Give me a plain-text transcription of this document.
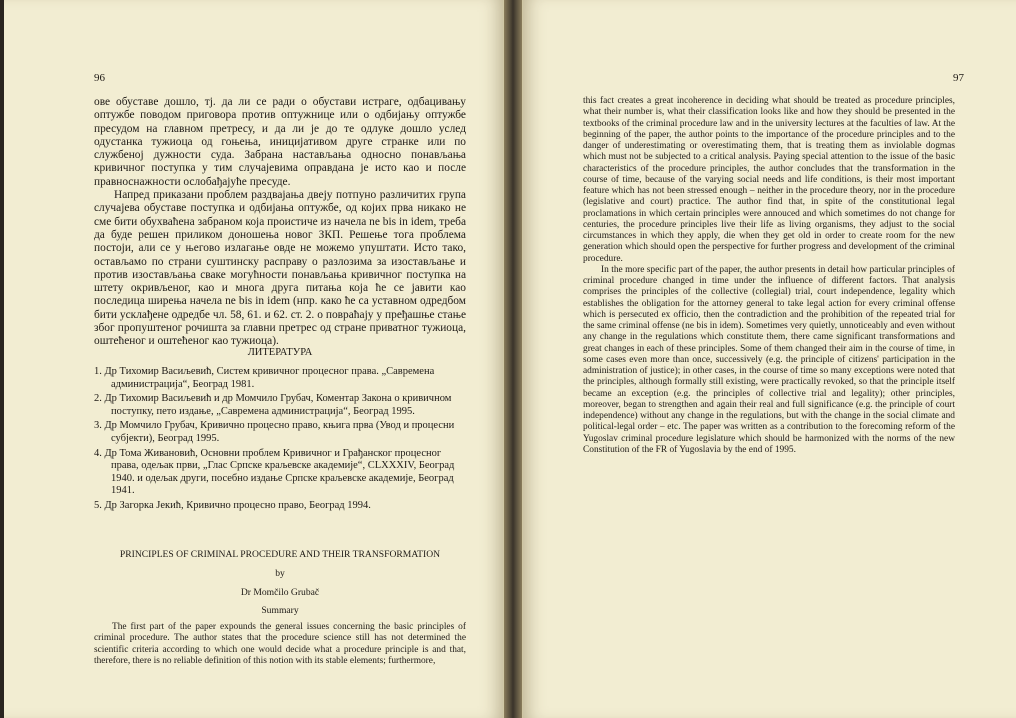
96

ове обуставе дошло, тј. да ли се ради о обустави истраге, одбацивању оптужбе поводом приговора против оптужнице или о одбијању оптужбе пресудом на главном претресу, и да ли је до те одлуке дошло услед одустанка тужиоца од гоњења, иницијативом друге странке или по службеној дужности суда. Забрана настављања односно понављања кривичног поступка у тим случајевима оправдана је исто као и после правноснажности ослобађајуће пресуде.

Напред приказани проблем раздвајања двеју потпуно различитих група случајева обуставе поступка и одбијања оптужбе, од којих прва никако не сме бити обухваћена забраном која проистиче из начела ne bis in idem, треба да буде решен приликом доношења новог ЗКП. Решење тога проблема постоји, али се у његово излагање овде не можемо упуштати. Исто тако, остављамо по страни суштинску расправу о разлозима за изостављање и против изостављања сваке могућности понављања кривичног поступка на штету окривљеног, као и многа друга питања која ће се јавити као последица ширења начела ne bis in idem (нпр. како ће са уставном одредбом бити усклађене одредбе чл. 58, 61. и 62. ст. 2. о повраћају у пређашње стање због пропуштеног рочишта за главни претрес од стране приватног тужиоца, оштећеног и оштећеног као тужиоца).

ЛИТЕРАТУРА

1. Др Тихомир Васиљевић, Систем кривичног процесног права. „Савремена администрација“, Београд 1981.

2. Др Тихомир Васиљевић и др Момчило Грубач, Коментар Закона о кривичном поступку, пето издање, „Савремена администрација“, Београд 1995.

3. Др Момчило Грубач, Кривично процесно право, књига прва (Увод и процесни субјекти), Београд 1995.

4. Др Тома Живановић, Основни проблем Кривичног и Грађанског процесног права, одељак први, „Глас Српске краљевске академије“, CLXXXIV, Београд 1940. и одељак други, посебно издање Српске краљевске академије, Београд 1941.

5. Др Загорка Јекић, Кривично процесно право, Београд 1994.

PRINCIPLES OF CRIMINAL PROCEDURE AND THEIR TRANSFORMATION
by
Dr Momčilo Grubač
Summary

The first part of the paper expounds the general issues concerning the basic principles of criminal procedure. The author states that the procedure science still has not determined the scientific criteria according to which one would decide what a procedure principle is and that, therefore, there is no reliable definition of this notion with its stable elements; furthermore,

97

this fact creates a great incoherence in deciding what should be treated as procedure principles, what their number is, what their classification looks like and how they should be presented in the textbooks of the criminal procedure law and in the university lectures at the faculties of law. At the beginning of the paper, the author points to the importance of the procedure principles and to the danger of underestimating or overestimating them, that is treating them as inviolable dogmas which must not be subjected to a critical analysis. Paying special attention to the issue of the basic characteristics of the procedure principles, the author concludes that the transformation in the course of time, because of the varying social needs and life conditions, is their most important feature which has not been stressed enough – neither in the procedure theory, nor in the procedure (legislative and court) practice. The author find that, in spite of the constitutional legal proclamations in which certain principles were annouced and which sometimes do not change for centuries, the procedure principles live their life as living organisms, they adjust to the social circumstances in which they apply, die when they get old in order to create room for the new generation which should open the perspective for further progress and development of the criminal procedure.

In the more specific part of the paper, the author presents in detail how particular principles of criminal procedure changed in time under the influence of different factors. That analysis comprises the principles of the collective (collegial) trial, court independence, legality which establishes the obligation for the attorney general to take legal action for every criminal offense which is persecuted ex officio, then the contradiction and the prohibition of the repeated trial for the same criminal offense (ne bis in idem). Sometimes very quietly, unnoticeably and even without any change in the regulations which constitute them, there came significant transformations and great changes in each of these principles. Some of them changed their aim in the course of time, in some cases even more than once, successively (e.g. the principle of citizens' participation in the administration of justice); in other cases, in the course of time so many exceptions were noted that the principles, although formally still existing, were practically revoked, so that the principle itself became an exception (e.g. the principles of collective trial and legality); other principles, moreover, began to strengthen and again their real and full significance (e.g. the principle of court independence) without any change in the regulations, but with the change in the social climate and political-legal order – etc. The paper was written as a contribution to the forecoming reform of the Yugoslav criminal procedure legislature which should be harmonized with the norms of the new Constitution of the FR of Yugoslavia by the end of 1995.
